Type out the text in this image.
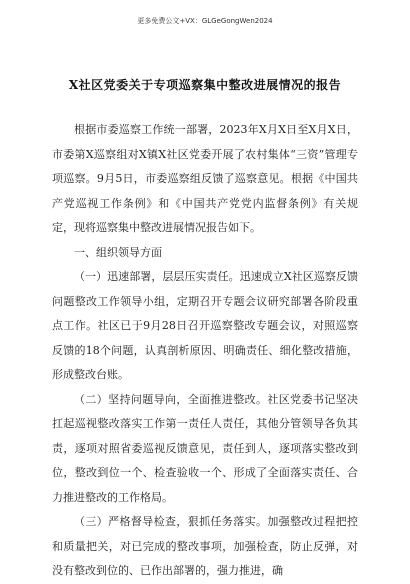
更多免费公文+VX：GLGeGongWen2024
X社区党委关于专项巡察集中整改进展情况的报告

根据市委巡察工作统一部署，2023年X月X日至X月X日，市委第X巡察组对X镇X社区党委开展了农村集体“三资”管理专项巡察。9月5日，市委巡察组反馈了巡察意见。根据《中国共产党巡视工作条例》和《中国共产党党内监督条例》有关规定，现将巡察集中整改进展情况报告如下。

一、组织领导方面

（一）迅速部署，层层压实责任。迅速成立X社区巡察反馈问题整改工作领导小组，定期召开专题会议研究部署各阶段重点工作。社区已于9月28日召开巡察整改专题会议，对照巡察反馈的18个问题，认真剖析原因、明确责任、细化整改措施，形成整改台账。

（二）坚持问题导向，全面推进整改。社区党委书记坚决扛起巡视整改落实工作第一责任人责任，其他分管领导各负其责，逐项对照省委巡视反馈意见，责任到人，逐项落实整改到位，整改到位一个、检查验收一个、形成了全面落实责任、合力推进整改的工作格局。

（三）严格督导检查，狠抓任务落实。加强整改过程把控和质量把关，对已完成的整改事项，加强检查，防止反弹，对没有整改到位的、已作出部署的，强力推进，确
